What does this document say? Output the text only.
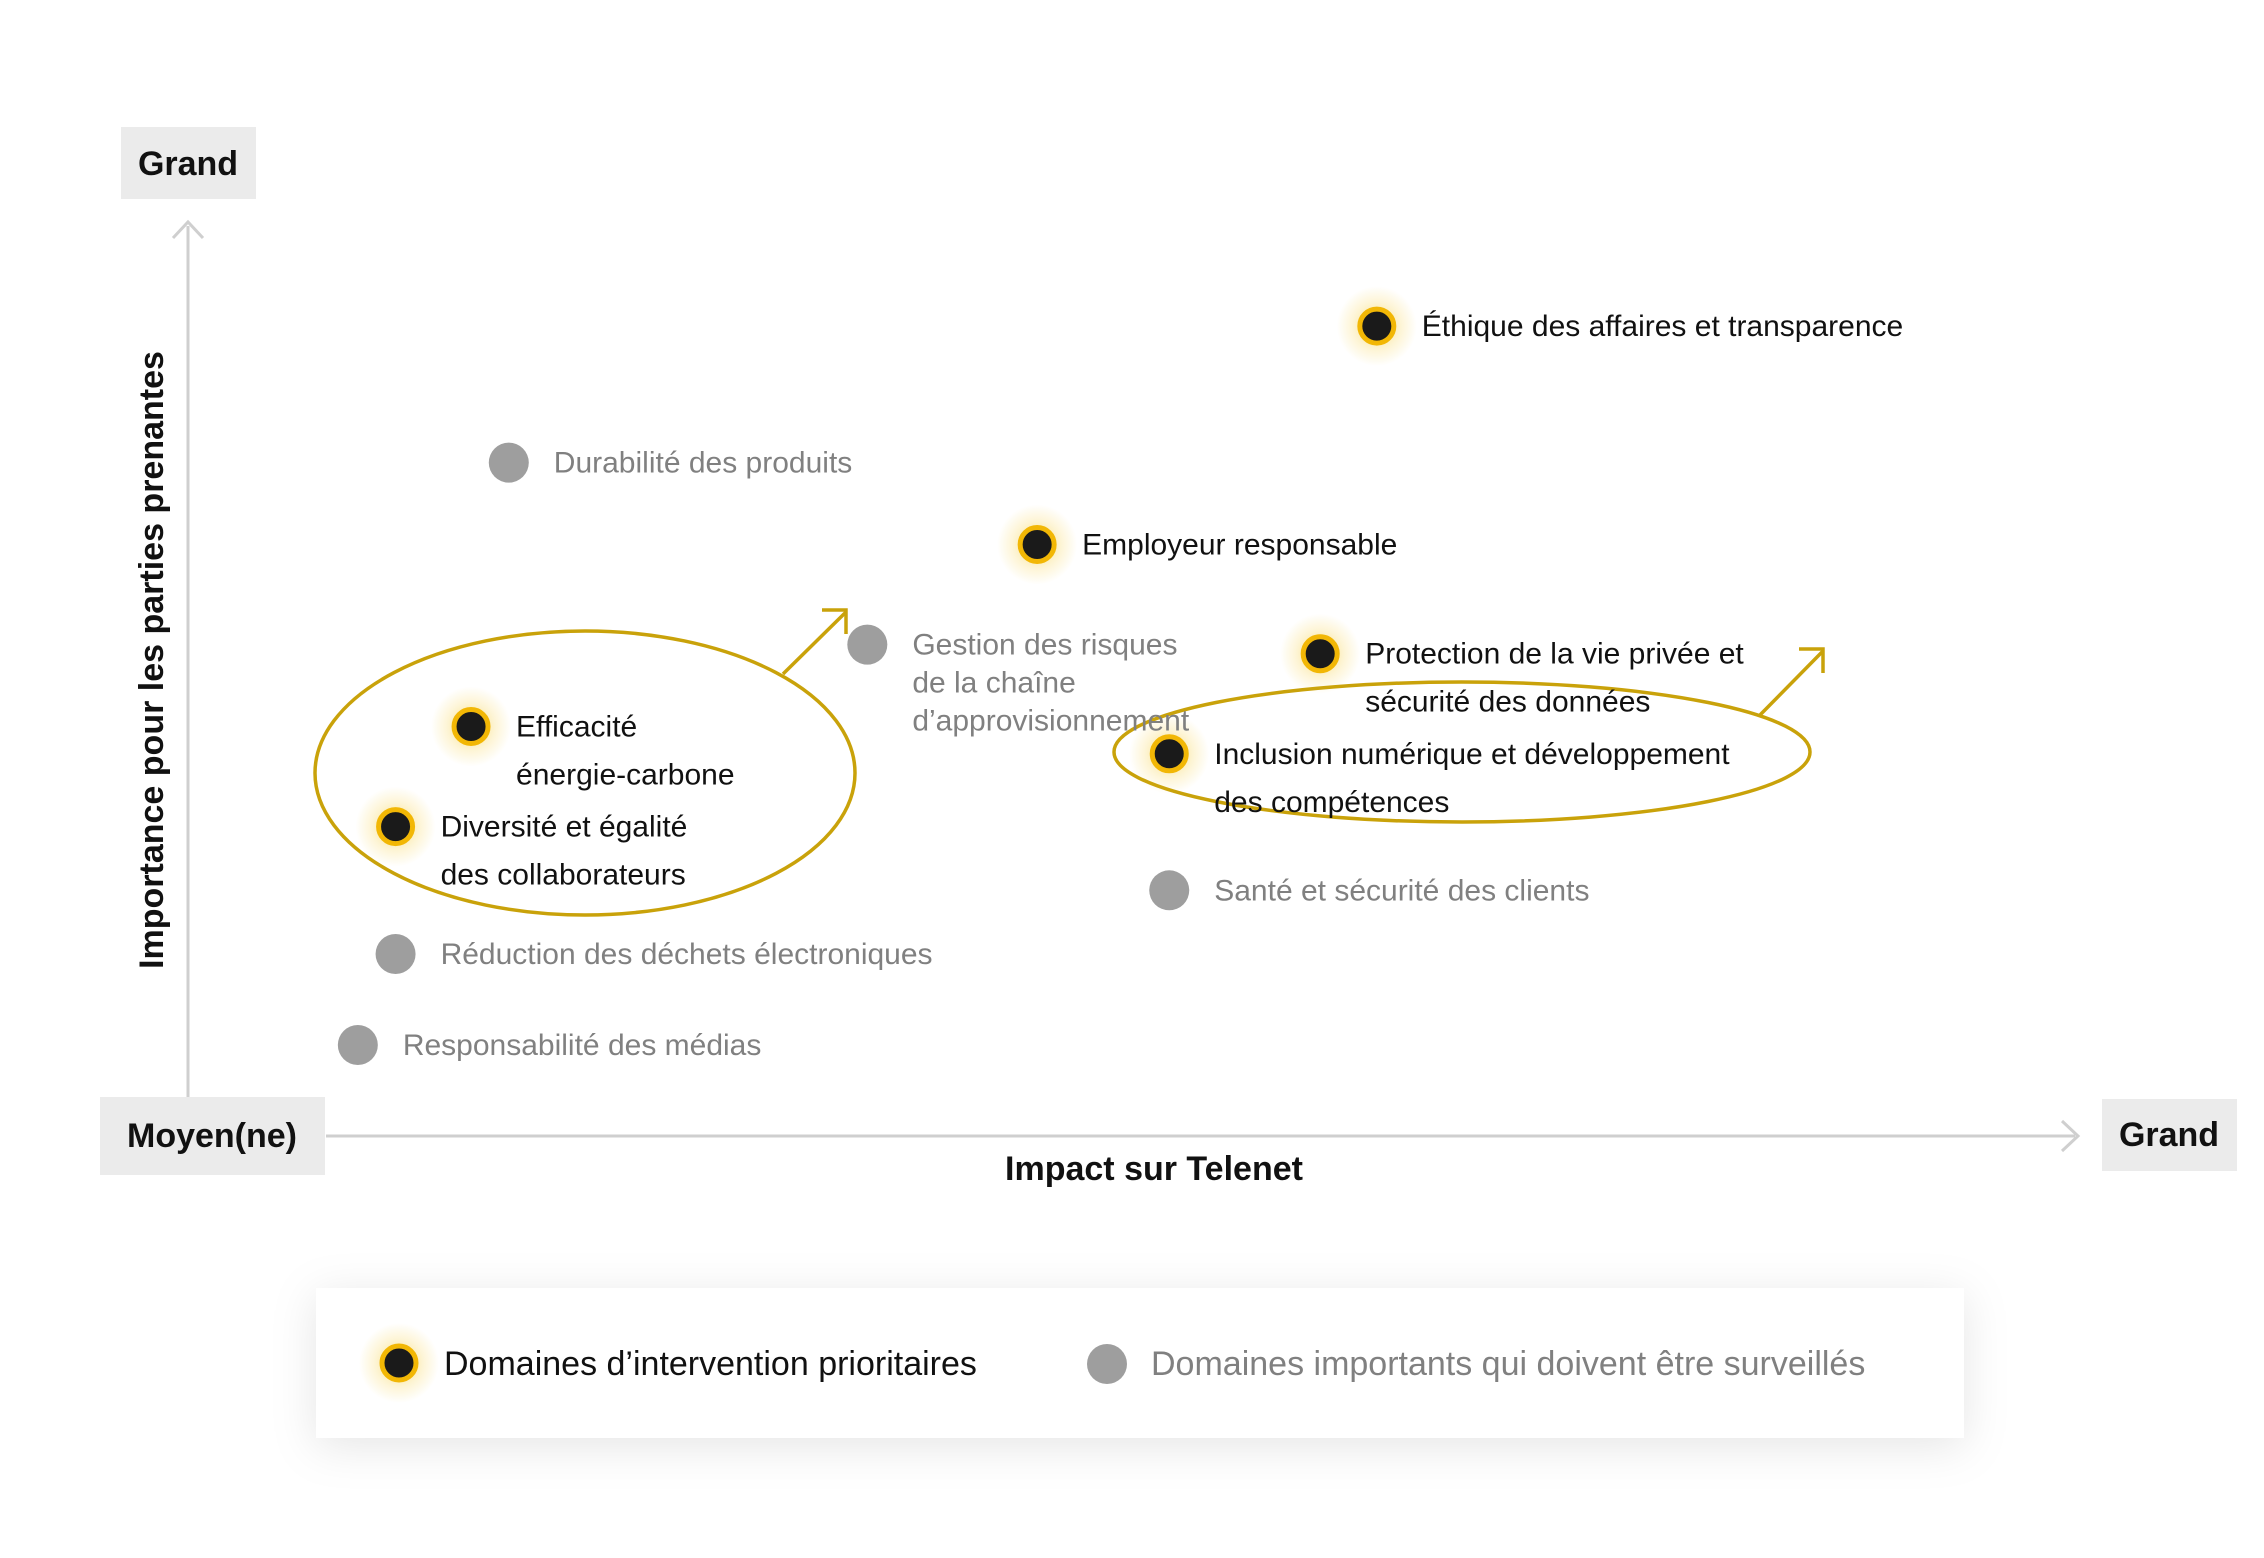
Grand
Moyen(ne)	Grand
Impact sur Telenet
Importance pour les parties prenantes
Éthique des affaires et transparence
Employeur responsable
Protection de la vie privée et
sécurité des données
Efficacité
énergie-carbone
Diversité et égalité
des collaborateurs
Inclusion numérique et développement
des compétences
Durabilité des produits
Gestion des risques
de la chaîne
d’approvisionnement
Santé et sécurité des clients
Réduction des déchets électroniques
Responsabilité des médias
Domaines d’intervention prioritaires	Domaines importants qui doivent être surveillés
